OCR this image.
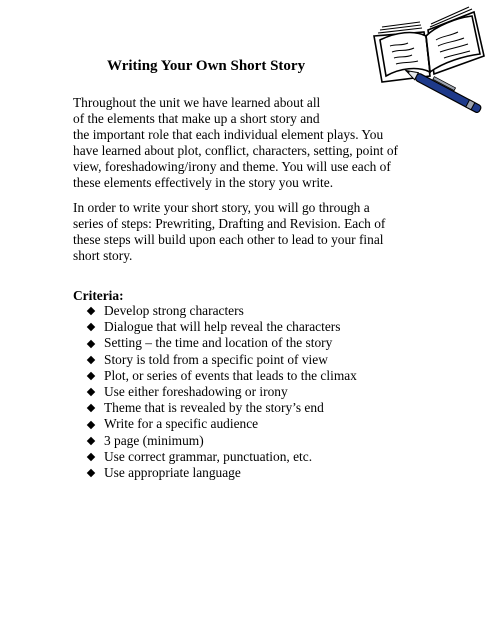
Writing Your Own Short Story

Throughout the unit we have learned about all
of the elements that make up a short story and
the important role that each individual element plays. You
have learned about plot, conflict, characters, setting, point of
view, foreshadowing/irony and theme. You will use each of
these elements effectively in the story you write.

In order to write your short story, you will go through a
series of steps: Prewriting, Drafting and Revision. Each of
these steps will build upon each other to lead to your final
short story.

Criteria:

Develop strong characters
Dialogue that will help reveal the characters
Setting – the time and location of the story
Story is told from a specific point of view
Plot, or series of events that leads to the climax
Use either foreshadowing or irony
Theme that is revealed by the story’s end
Write for a specific audience
3 page (minimum)
Use correct grammar, punctuation, etc.
Use appropriate language
